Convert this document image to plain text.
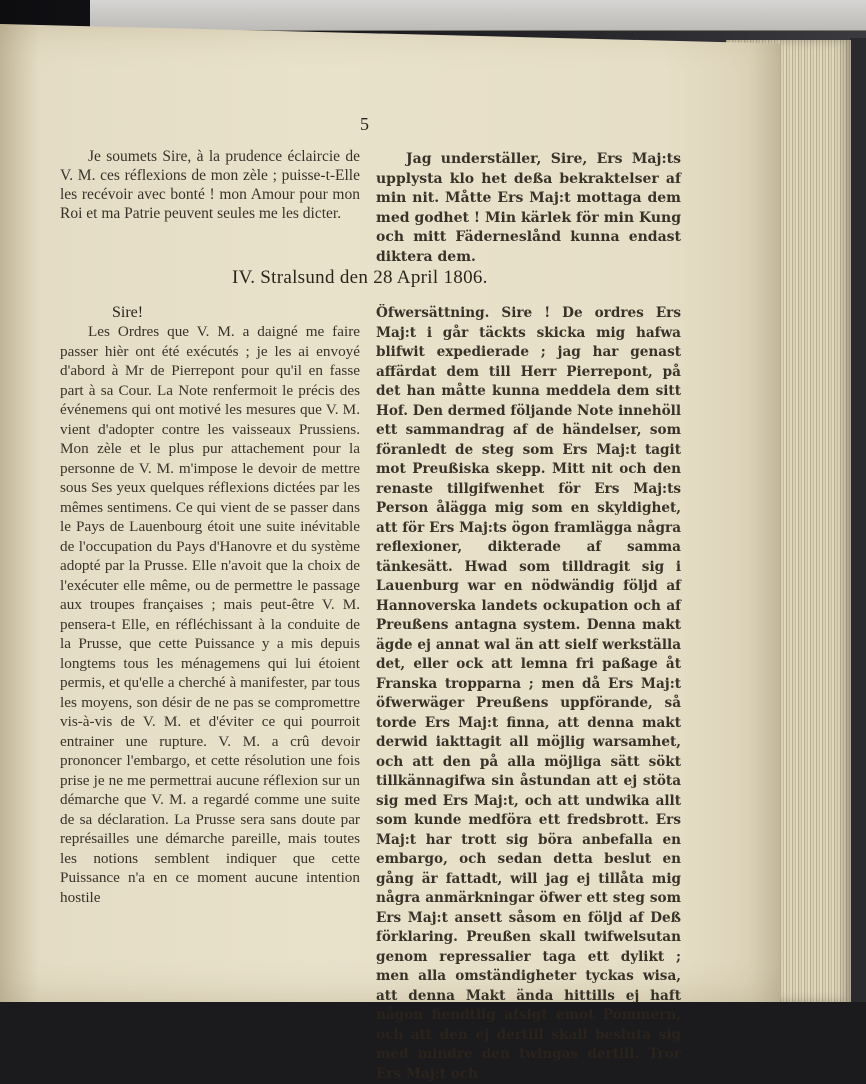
5

Je soumets Sire, à la prudence éclaircie de V. M. ces réflexions de mon zèle ; puisse-t-Elle les recévoir avec bonté ! mon Amour pour mon Roi et ma Patrie peuvent seules me les dicter.

Jag underställer, Sire, Ers Maj:ts upplysta klo het deßa bekraktelser af min nit. Måtte Ers Maj:t mottaga dem med godhet ! Min kärlek för min Kung och mitt Fäderneslånd kunna endast diktera dem.

IV. Stralsund den 28 April 1806.

Sire!

Les Ordres que V. M. a daigné me faire passer hièr ont été exécutés ; je les ai envoyé d'abord à Mr de Pierrepont pour qu'il en fasse part à sa Cour. La Note renfermoit le précis des événemens qui ont motivé les mesures que V. M. vient d'adopter contre les vaisseaux Prussiens. Mon zèle et le plus pur attachement pour la personne de V. M. m'impose le devoir de mettre sous Ses yeux quelques réflexions dictées par les mêmes sentimens. Ce qui vient de se passer dans le Pays de Lauenbourg étoit une suite inévitable de l'occupation du Pays d'Hanovre et du système adopté par la Prusse. Elle n'avoit que la choix de l'exécuter elle même, ou de permettre le passage aux troupes françaises ; mais peut-être V. M. pensera-t Elle, en réfléchissant à la conduite de la Prusse, que cette Puissance y a mis depuis longtems tous les ménagemens qui lui étoient permis, et qu'elle a cherché à manifester, par tous les moyens, son désir de ne pas se compromettre vis-à-vis de V. M. et d'éviter ce qui pourroit entrainer une rupture. V. M. a crû devoir prononcer l'embargo, et cette résolution une fois prise je ne me permettrai aucune réflexion sur un démarche que V. M. a regardé comme une suite de sa déclaration. La Prusse sera sans doute par représailles une démarche pareille, mais toutes les notions semblent indiquer que cette Puissance n'a en ce moment aucune intention hostile

Öfwersättning. Sire ! De ordres Ers Maj:t i går täckts skicka mig hafwa blifwit expedierade ; jag har genast affärdat dem till Herr Pierrepont, på det han måtte kunna meddela dem sitt Hof. Den dermed följande Note innehöll ett sammandrag af de händelser, som föranledt de steg som Ers Maj:t tagit mot Preußiska skepp. Mitt nit och den renaste tillgifwenhet för Ers Maj:ts Person ålägga mig som en skyldighet, att för Ers Maj:ts ögon framlägga några reflexioner, dikterade af samma tänkesätt. Hwad som tilldragit sig i Lauenburg war en nödwändig följd af Hannoverska landets ockupation och af Preußens antagna system. Denna makt ägde ej annat wal än att sielf werkställa det, eller ock att lemna fri paßage åt Franska tropparna ; men då Ers Maj:t öfwerwäger Preußens uppförande, så torde Ers Maj:t finna, att denna makt derwid iakttagit all möjlig warsamhet, och att den på alla möjliga sätt sökt tillkännagifwa sin åstundan att ej stöta sig med Ers Maj:t, och att undwika allt som kunde medföra ett fredsbrott. Ers Maj:t har trott sig böra anbefalla en embargo, och sedan detta beslut en gång är fattadt, will jag ej tillåta mig några anmärkningar öfwer ett steg som Ers Maj:t ansett såsom en följd af Deß förklaring. Preußen skall twifwelsutan genom repressalier taga ett dylikt ; men alla omständigheter tyckas wisa, att denna Makt ända hittills ej haft någon fiendtlig afsigt emot Pommern, och att den ej dertill skall besluta sig med mindre den twingas dertill. Tror Ers Maj:t och
